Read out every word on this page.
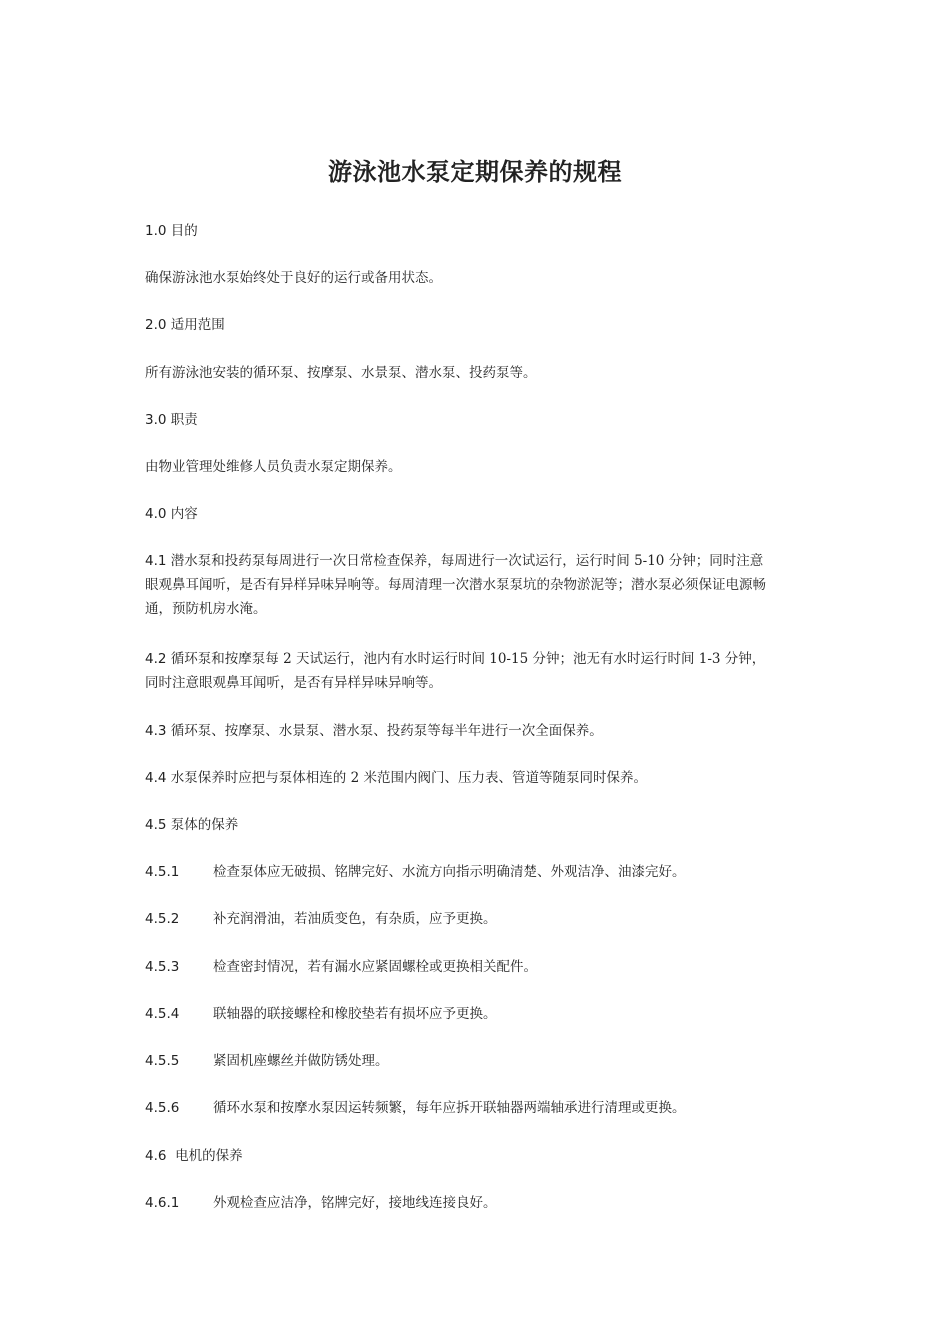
游泳池水泵定期保养的规程
1.0 目的
确保游泳池水泵始终处于良好的运行或备用状态。
2.0 适用范围
所有游泳池安装的循环泵、按摩泵、水景泵、潜水泵、投药泵等。
3.0 职责
由物业管理处维修人员负责水泵定期保养。
4.0 内容
4.1 潜水泵和投药泵每周进行一次日常检查保养，每周进行一次试运行，运行时间 5-10 分钟；同时注意
眼观鼻耳闻听，是否有异样异味异响等。每周清理一次潜水泵泵坑的杂物淤泥等；潜水泵必须保证电源畅
通，预防机房水淹。
4.2 循环泵和按摩泵每 2 天试运行，池内有水时运行时间 10-15 分钟；池无有水时运行时间 1-3 分钟，
同时注意眼观鼻耳闻听，是否有异样异味异响等。
4.3 循环泵、按摩泵、水景泵、潜水泵、投药泵等每半年进行一次全面保养。
4.4 水泵保养时应把与泵体相连的 2 米范围内阀门、压力表、管道等随泵同时保养。
4.5 泵体的保养
4.5.1 检查泵体应无破损、铭牌完好、水流方向指示明确清楚、外观洁净、油漆完好。
4.5.2 补充润滑油，若油质变色，有杂质，应予更换。
4.5.3 检查密封情况，若有漏水应紧固螺栓或更换相关配件。
4.5.4 联轴器的联接螺栓和橡胶垫若有损坏应予更换。
4.5.5 紧固机座螺丝并做防锈处理。
4.5.6 循环水泵和按摩水泵因运转频繁，每年应拆开联轴器两端轴承进行清理或更换。
4.6 电机的保养
4.6.1 外观检查应洁净，铭牌完好，接地线连接良好。
